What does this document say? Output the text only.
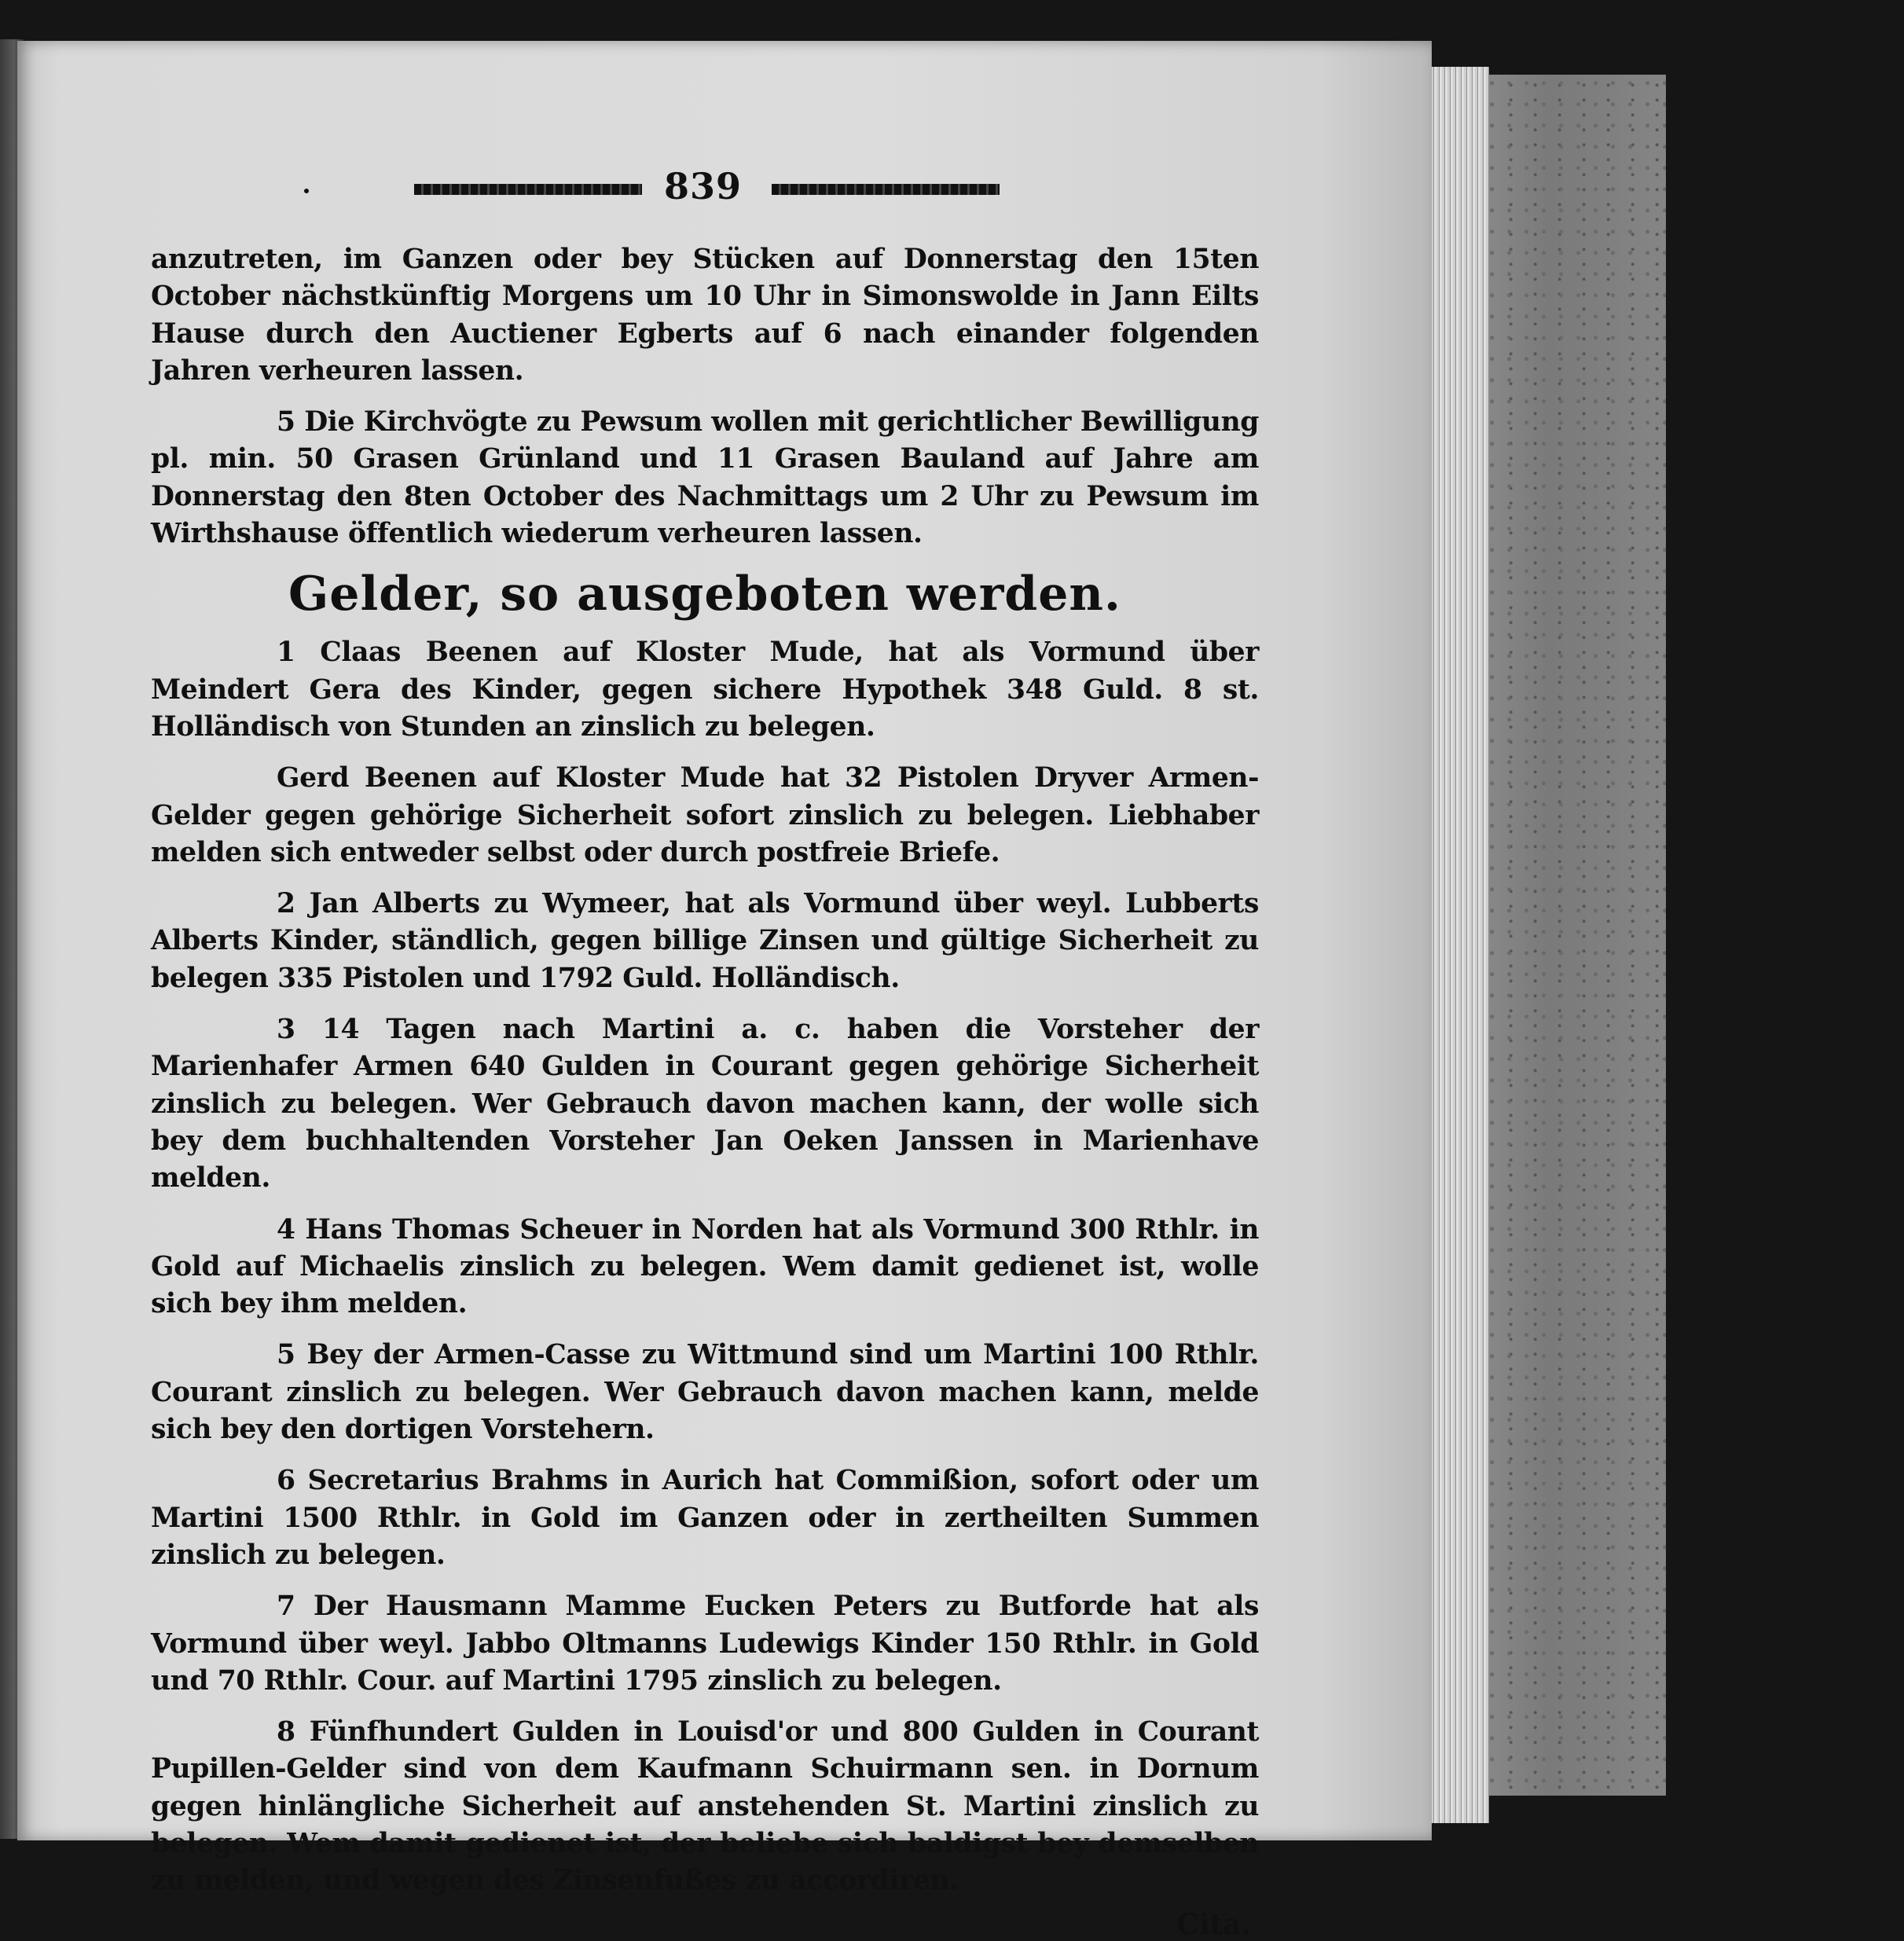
839

anzutreten, im Ganzen oder bey Stücken auf Donnerstag den 15ten October nächstkünftig Morgens um 10 Uhr in Simonswolde in Jann Eilts Hause durch den Auctiener Egberts auf 6 nach einander folgenden Jahren verheuren lassen.

5 Die Kirchvögte zu Pewsum wollen mit gerichtlicher Bewilligung pl. min. 50 Grasen Grünland und 11 Grasen Bauland auf Jahre am Donnerstag den 8ten October des Nachmittags um 2 Uhr zu Pewsum im Wirthshause öffentlich wiederum verheuren lassen.

Gelder, so ausgeboten werden.

1 Claas Beenen auf Kloster Mude, hat als Vormund über Meindert Gera des Kinder, gegen sichere Hypothek 348 Guld. 8 st. Holländisch von Stunden an zinslich zu belegen.

Gerd Beenen auf Kloster Mude hat 32 Pistolen Dryver Armen-Gelder gegen gehörige Sicherheit sofort zinslich zu belegen. Liebhaber melden sich entweder selbst oder durch postfreie Briefe.

2 Jan Alberts zu Wymeer, hat als Vormund über weyl. Lubberts Alberts Kinder, ständlich, gegen billige Zinsen und gültige Sicherheit zu belegen 335 Pistolen und 1792 Guld. Holländisch.

3 14 Tagen nach Martini a. c. haben die Vorsteher der Marienhafer Armen 640 Gulden in Courant gegen gehörige Sicherheit zinslich zu belegen. Wer Gebrauch davon machen kann, der wolle sich bey dem buchhaltenden Vorsteher Jan Oeken Janssen in Marienhave melden.

4 Hans Thomas Scheuer in Norden hat als Vormund 300 Rthlr. in Gold auf Michaelis zinslich zu belegen. Wem damit gedienet ist, wolle sich bey ihm melden.

5 Bey der Armen-Casse zu Wittmund sind um Martini 100 Rthlr. Courant zinslich zu belegen. Wer Gebrauch davon machen kann, melde sich bey den dortigen Vorstehern.

6 Secretarius Brahms in Aurich hat Commißion, sofort oder um Martini 1500 Rthlr. in Gold im Ganzen oder in zertheilten Summen zinslich zu belegen.

7 Der Hausmann Mamme Eucken Peters zu Butforde hat als Vormund über weyl. Jabbo Oltmanns Ludewigs Kinder 150 Rthlr. in Gold und 70 Rthlr. Cour. auf Martini 1795 zinslich zu belegen.

8 Fünfhundert Gulden in Louisd'or und 800 Gulden in Courant Pupillen-Gelder sind von dem Kaufmann Schuirmann sen. in Dornum gegen hinlängliche Sicherheit auf anstehenden St. Martini zinslich zu belegen. Wem damit gedienet ist, der beliebe sich baldigst bey demselben zu melden, und wegen des Zinsenfußes zu accordiren.

Cita.
